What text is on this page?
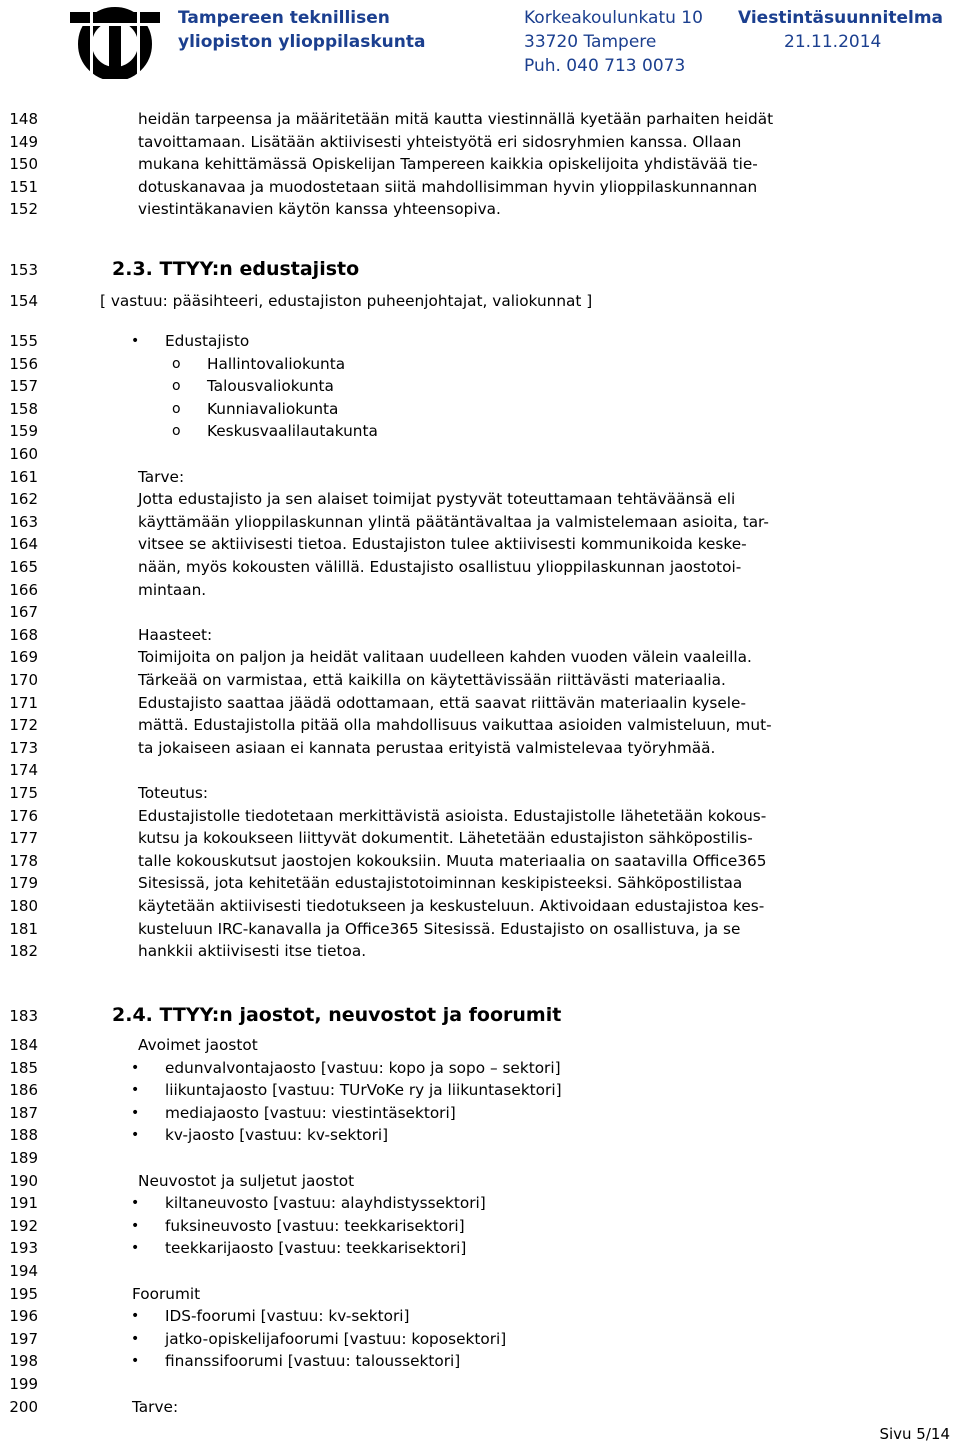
Tampereen teknillisen
yliopiston ylioppilaskunta
Korkeakoulunkatu 10
33720 Tampere
Puh. 040 713 0073
Viestintäsuunnitelma
21.11.2014
148	heidän tarpeensa ja määritetään mitä kautta viestinnällä kyetään parhaiten heidät
149	tavoittamaan. Lisätään aktiivisesti yhteistyötä eri sidosryhmien kanssa. Ollaan
150	mukana kehittämässä Opiskelijan Tampereen kaikkia opiskelijoita yhdistävää tie-
151	dotuskanavaa ja muodostetaan siitä mahdollisimman hyvin ylioppilaskunnannan
152	viestintäkanavien käytön kanssa yhteensopiva.
153	2.3. TTYY:n edustajisto
154	[ vastuu: pääsihteeri, edustajiston puheenjohtajat, valiokunnat ]
155	• Edustajisto
156	o Hallintovaliokunta
157	o Talousvaliokunta
158	o Kunniavaliokunta
159	o Keskusvaalilautakunta
160
161	Tarve:
162	Jotta edustajisto ja sen alaiset toimijat pystyvät toteuttamaan tehtäväänsä eli
163	käyttämään ylioppilaskunnan ylintä päätäntävaltaa ja valmistelemaan asioita, tar-
164	vitsee se aktiivisesti tietoa. Edustajiston tulee aktiivisesti kommunikoida keske-
165	nään, myös kokousten välillä. Edustajisto osallistuu ylioppilaskunnan jaostotoi-
166	mintaan.
167
168	Haasteet:
169	Toimijoita on paljon ja heidät valitaan uudelleen kahden vuoden välein vaaleilla.
170	Tärkeää on varmistaa, että kaikilla on käytettävissään riittävästi materiaalia.
171	Edustajisto saattaa jäädä odottamaan, että saavat riittävän materiaalin kysele-
172	mättä. Edustajistolla pitää olla mahdollisuus vaikuttaa asioiden valmisteluun, mut-
173	ta jokaiseen asiaan ei kannata perustaa erityistä valmistelevaa työryhmää.
174
175	Toteutus:
176	Edustajistolle tiedotetaan merkittävistä asioista. Edustajistolle lähetetään kokous-
177	kutsu ja kokoukseen liittyvät dokumentit. Lähetetään edustajiston sähköpostilis-
178	talle kokouskutsut jaostojen kokouksiin. Muuta materiaalia on saatavilla Office365
179	Sitesissä, jota kehitetään edustajistotoiminnan keskipisteeksi. Sähköpostilistaa
180	käytetään aktiivisesti tiedotukseen ja keskusteluun. Aktivoidaan edustajistoa kes-
181	kusteluun IRC-kanavalla ja Office365 Sitesissä. Edustajisto on osallistuva, ja se
182	hankkii aktiivisesti itse tietoa.
183	2.4. TTYY:n jaostot, neuvostot ja foorumit
184	Avoimet jaostot
185	• edunvalvontajaosto [vastuu: kopo ja sopo – sektori]
186	• liikuntajaosto [vastuu: TUrVoKe ry ja liikuntasektori]
187	• mediajaosto [vastuu: viestintäsektori]
188	• kv-jaosto [vastuu: kv-sektori]
189
190	Neuvostot ja suljetut jaostot
191	• kiltaneuvosto [vastuu: alayhdistyssektori]
192	• fuksineuvosto [vastuu: teekkarisektori]
193	• teekkarijaosto [vastuu: teekkarisektori]
194
195	Foorumit
196	• IDS-foorumi [vastuu: kv-sektori]
197	• jatko-opiskelijafoorumi [vastuu: koposektori]
198	• finanssifoorumi [vastuu: taloussektori]
199
200	Tarve:
Sivu 5/14
